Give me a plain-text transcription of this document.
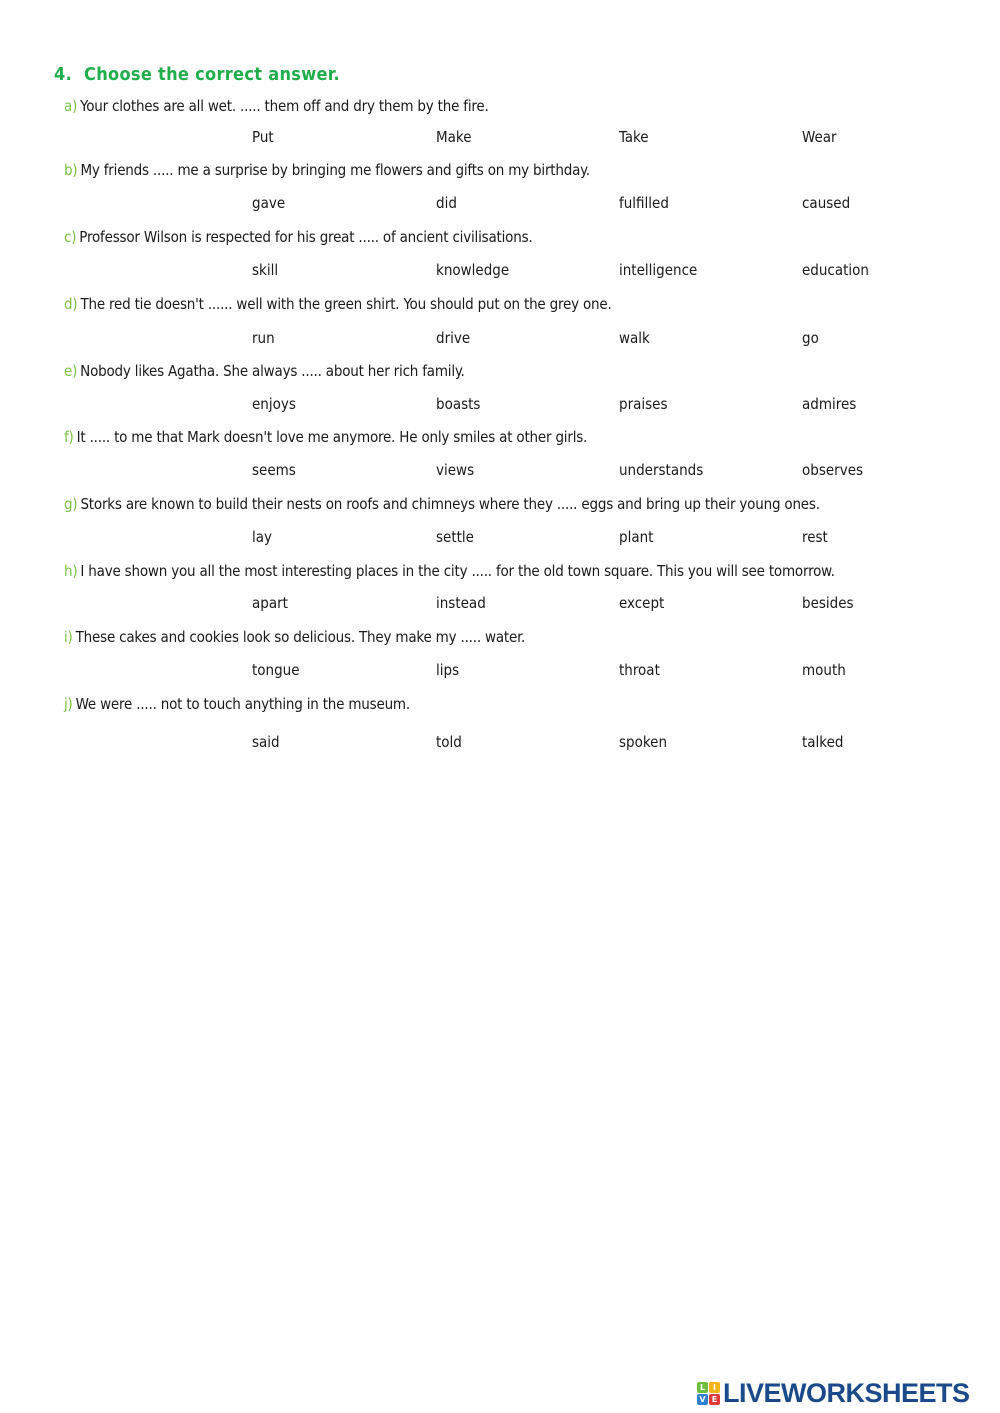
4. Choose the correct answer.
a) Your clothes are all wet. ..... them off and dry them by the fire.
Put	Make	Take	Wear
b) My friends ..... me a surprise by bringing me flowers and gifts on my birthday.
gave	did	fulfilled	caused
c) Professor Wilson is respected for his great ..... of ancient civilisations.
skill	knowledge	intelligence	education
d) The red tie doesn't ...... well with the green shirt. You should put on the grey one.
run	drive	walk	go
e) Nobody likes Agatha. She always ..... about her rich family.
enjoys	boasts	praises	admires
f) It ..... to me that Mark doesn't love me anymore. He only smiles at other girls.
seems	views	understands	observes
g) Storks are known to build their nests on roofs and chimneys where they ..... eggs and bring up their young ones.
lay	settle	plant	rest
h) I have shown you all the most interesting places in the city ..... for the old town square. This you will see tomorrow.
apart	instead	except	besides
i) These cakes and cookies look so delicious. They make my ..... water.
tongue	lips	throat	mouth
j) We were ..... not to touch anything in the museum.
said	told	spoken	talked
L I
V E LIVEWORKSHEETS
